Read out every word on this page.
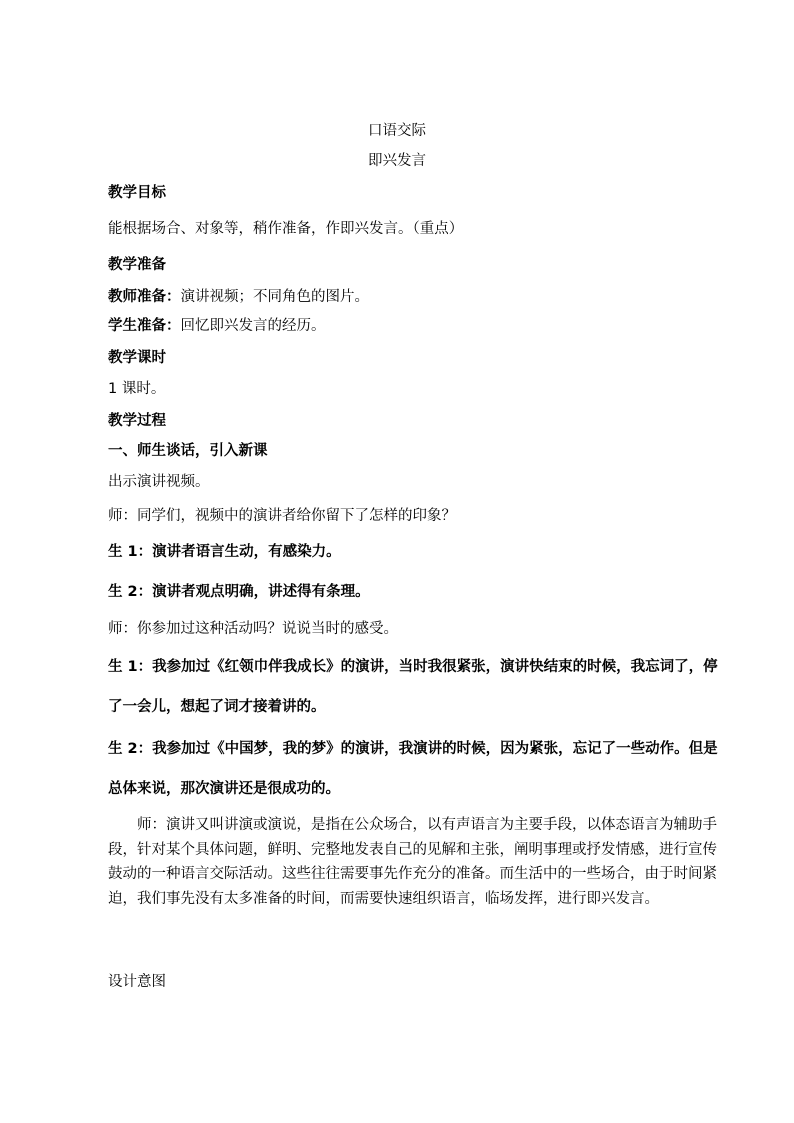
口语交际
即兴发言
教学目标
能根据场合、对象等，稍作准备，作即兴发言。（重点）
教学准备
教师准备：演讲视频；不同角色的图片。
学生准备：回忆即兴发言的经历。
教学课时
1 课时。
教学过程
一、师生谈话，引入新课
出示演讲视频。
师：同学们，视频中的演讲者给你留下了怎样的印象？
生 1：演讲者语言生动，有感染力。
生 2：演讲者观点明确，讲述得有条理。
师：你参加过这种活动吗？说说当时的感受。
生 1：我参加过《红领巾伴我成长》的演讲，当时我很紧张，演讲快结束的时候，我忘词了，停了一会儿，想起了词才接着讲的。
生 2：我参加过《中国梦，我的梦》的演讲，我演讲的时候，因为紧张，忘记了一些动作。但是总体来说，那次演讲还是很成功的。
师：演讲又叫讲演或演说，是指在公众场合，以有声语言为主要手段，以体态语言为辅助手段，针对某个具体问题，鲜明、完整地发表自己的见解和主张，阐明事理或抒发情感，进行宣传鼓动的一种语言交际活动。这些往往需要事先作充分的准备。而生活中的一些场合，由于时间紧迫，我们事先没有太多准备的时间，而需要快速组织语言，临场发挥，进行即兴发言。
设计意图
